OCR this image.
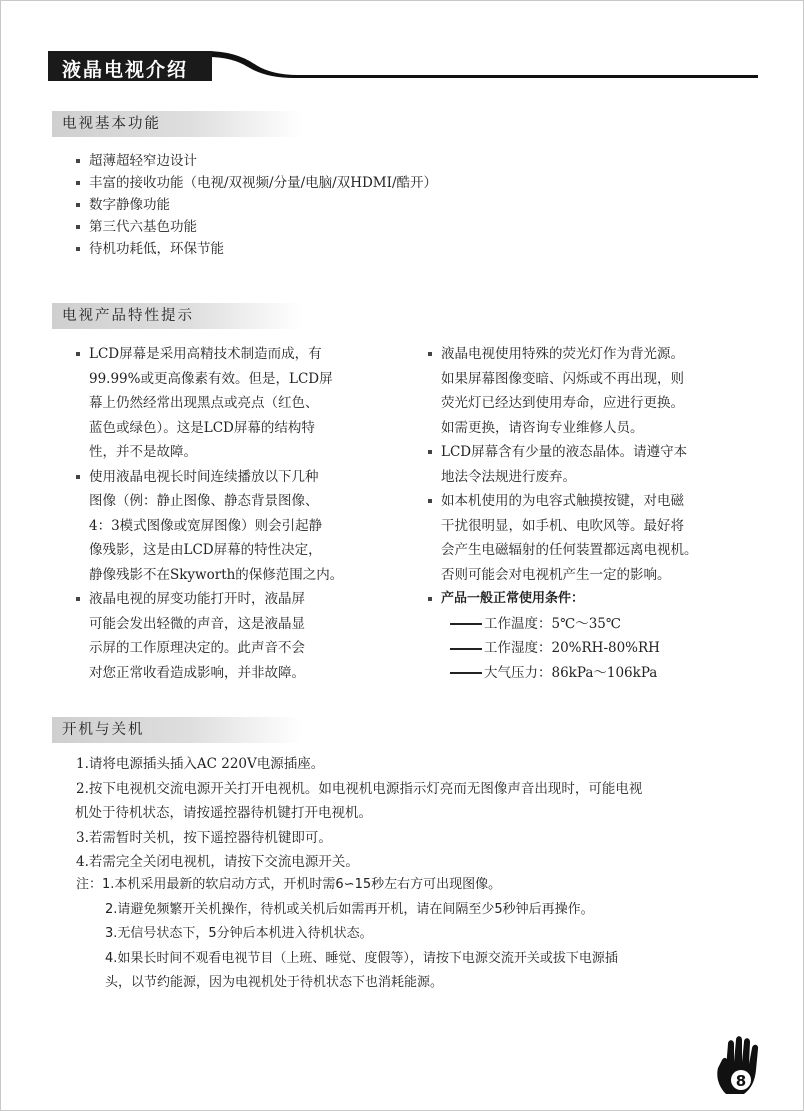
液晶电视介绍
电视基本功能
超薄超轻窄边设计
丰富的接收功能（电视/双视频/分量/电脑/双HDMI/酷开）
数字静像功能
第三代六基色功能
待机功耗低，环保节能
电视产品特性提示
LCD屏幕是采用高精技术制造而成，有
99.99%或更高像素有效。但是，LCD屏
幕上仍然经常出现黑点或亮点（红色、
蓝色或绿色）。这是LCD屏幕的结构特
性，并不是故障。
使用液晶电视长时间连续播放以下几种
图像（例：静止图像、静态背景图像、
4：3模式图像或宽屏图像）则会引起静
像残影，这是由LCD屏幕的特性决定，
静像残影不在Skyworth的保修范围之内。
液晶电视的屏变功能打开时，液晶屏
可能会发出轻微的声音，这是液晶显
示屏的工作原理决定的。此声音不会
对您正常收看造成影响，并非故障。
液晶电视使用特殊的荧光灯作为背光源。
如果屏幕图像变暗、闪烁或不再出现，则
荧光灯已经达到使用寿命，应进行更换。
如需更换，请咨询专业维修人员。
LCD屏幕含有少量的液态晶体。请遵守本
地法令法规进行废弃。
如本机使用的为电容式触摸按键，对电磁
干扰很明显，如手机、电吹风等。最好将
会产生电磁辐射的任何装置都远离电视机。
否则可能会对电视机产生一定的影响。
产品一般正常使用条件：
工作温度：5℃～35℃
工作湿度：20%RH-80%RH
大气压力：86kPa～106kPa
开机与关机

1.请将电源插头插入AC 220V电源插座。

2.按下电视机交流电源开关打开电视机。如电视机电源指示灯亮而无图像声音出现时，可能电视

机处于待机状态，请按遥控器待机键打开电视机。

3.若需暂时关机，按下遥控器待机键即可。

4.若需完全关闭电视机，请按下交流电源开关。

注：1.本机采用最新的软启动方式，开机时需6∽15秒左右方可出现图像。

2.请避免频繁开关机操作，待机或关机后如需再开机，请在间隔至少5秒钟后再操作。

3.无信号状态下，5分钟后本机进入待机状态。

4.如果长时间不观看电视节目（上班、睡觉、度假等），请按下电源交流开关或拔下电源插

头，以节约能源，因为电视机处于待机状态下也消耗能源。

8
